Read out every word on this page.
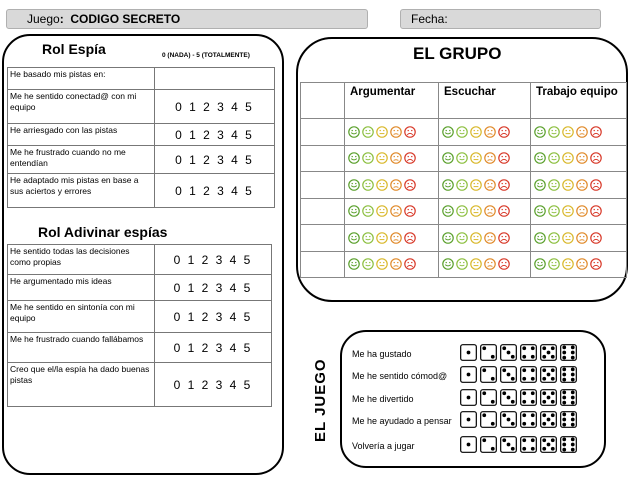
Juego:  CODIGO SECRETO	Fecha:
Rol Espía	0 (NADA) - 5 (TOTALMENTE)
He basado mis pistas en:	
Me he sentido conectad@ con mi equipo	0 1 2 3 4 5
He arriesgado con las pistas	0 1 2 3 4 5
Me he frustrado cuando no me entendían	0 1 2 3 4 5
He adaptado mis pistas en base a sus aciertos y errores	0 1 2 3 4 5
Rol Adivinar espías
He sentido todas las decisiones como propias	0 1 2 3 4 5
He argumentado mis ideas	0 1 2 3 4 5
Me he sentido en sintonía con mi equipo	0 1 2 3 4 5
Me he frustrado cuando fallábamos	0 1 2 3 4 5
Creo que el/la espía ha dado buenas pistas	0 1 2 3 4 5
EL GRUPO
	Argumentar	Escuchar	Trabajo equipo

EL JUEGO
Me ha gustado
Me he sentido cómod@
Me he divertido
Me he ayudado a pensar
Volvería a jugar
